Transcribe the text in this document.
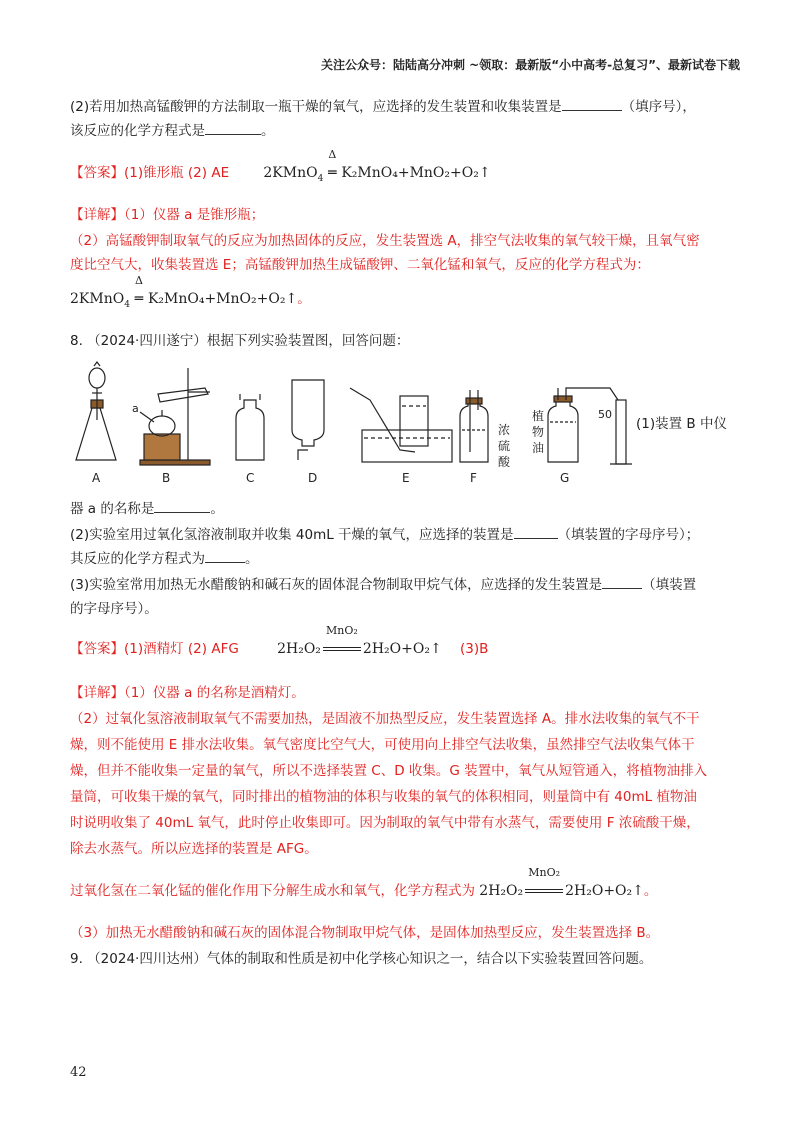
关注公众号：陆陆高分冲刺 ~领取：最新版“小中高考-总复习”、最新试卷下载
(2)若用加热高锰酸钾的方法制取一瓶干燥的氧气，应选择的发生装置和收集装置是	（填序号），
该反应的化学方程式是	。
【答案】(1)锥形瓶 (2) AE 2KMnO$_4$
Δ
═ K₂MnO₄+MnO₂+O₂↑
【详解】（1）仪器 a 是锥形瓶；
（2）高锰酸钾制取氧气的反应为加热固体的反应，发生装置选 A，排空气法收集的氧气较干燥，且氧气密
度比空气大，收集装置选 E；高锰酸钾加热生成锰酸钾、二氧化锰和氧气，反应的化学方程式为：
2KMnO$_4$
Δ
═ K₂MnO₄+MnO₂+O₂↑。
8. （2024·四川遂宁）根据下列实验装置图，回答问题：
a
浓
硫
酸
植
物
油
50
A	B	C	D	E	F	G
(1)装置 B 中仪
器 a 的名称是	。
(2)实验室用过氧化氢溶液制取并收集 40mL 干燥的氧气，应选择的装置是	（填装置的字母序号）；
其反应的化学方程式为	。
(3)实验室常用加热无水醋酸钠和碱石灰的固体混合物制取甲烷气体，应选择的发生装置是	（填装置
的字母序号）。
【答案】(1)酒精灯 (2) AFG	2H₂O₂
MnO₂
2H₂O+O₂↑ (3)B
【详解】（1）仪器 a 的名称是酒精灯。
（2）过氧化氢溶液制取氧气不需要加热，是固液不加热型反应，发生装置选择 A。排水法收集的氧气不干
燥，则不能使用 E 排水法收集。氧气密度比空气大，可使用向上排空气法收集，虽然排空气法收集气体干
燥，但并不能收集一定量的氧气，所以不选择装置 C、D 收集。G 装置中，氧气从短管通入，将植物油排入
量筒，可收集干燥的氧气，同时排出的植物油的体积与收集的氧气的体积相同，则量筒中有 40mL 植物油
时说明收集了 40mL 氧气，此时停止收集即可。因为制取的氧气中带有水蒸气，需要使用 F 浓硫酸干燥，
除去水蒸气。所以应选择的装置是 AFG。
过氧化氢在二氧化锰的催化作用下分解生成水和氧气，化学方程式为 2H₂O₂
MnO₂
2H₂O+O₂↑。
（3）加热无水醋酸钠和碱石灰的固体混合物制取甲烷气体，是固体加热型反应，发生装置选择 B。
9. （2024·四川达州）气体的制取和性质是初中化学核心知识之一，结合以下实验装置回答问题。
42
